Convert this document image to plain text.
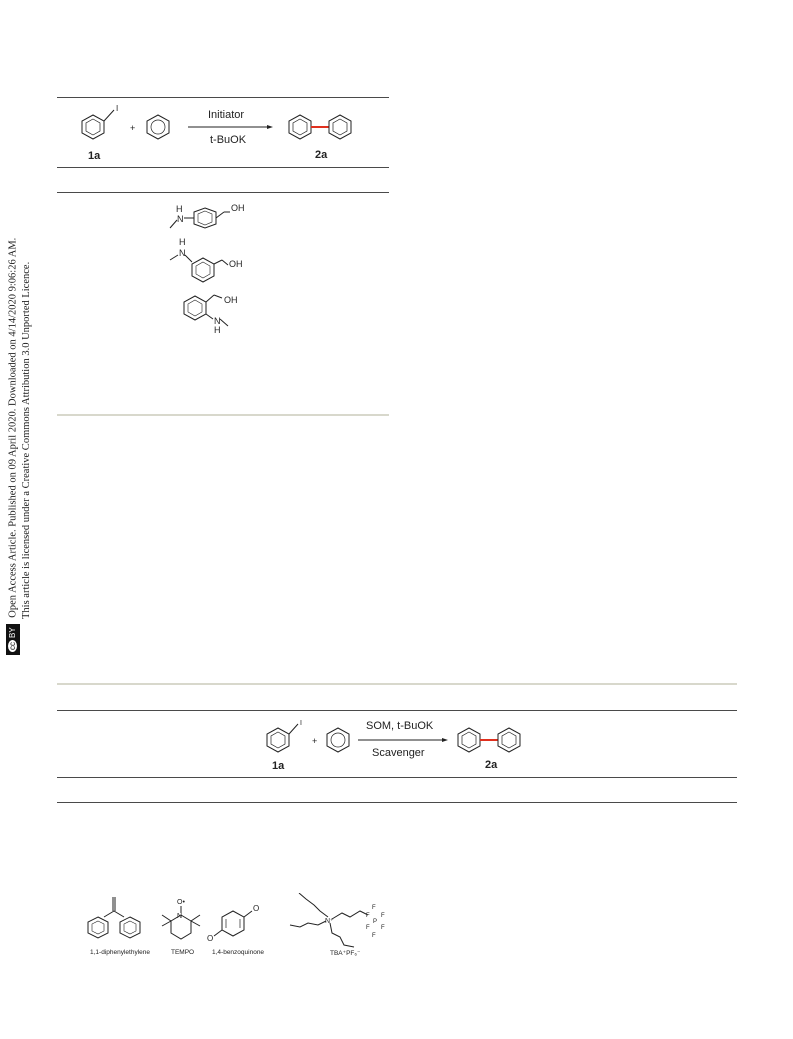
ccBY Open Access Article. Published on 09 April 2020. Downloaded on 4/14/2020 9:06:26 AM. This article is licensed under a Creative Commons Attribution 3.0 Unported Licence.
I
+
Initiator
t-BuOK
1a	2a
H
N
OH
H
N
OH
OH
N
H
I
+
SOM, t-BuOK
Scavenger
1a	2a
O•
N
O
O
N⁺
F
F F
P
F F
F
1,1-diphenylethylene	TEMPO	1,4-benzoquinone	TBA⁺PF₆⁻
